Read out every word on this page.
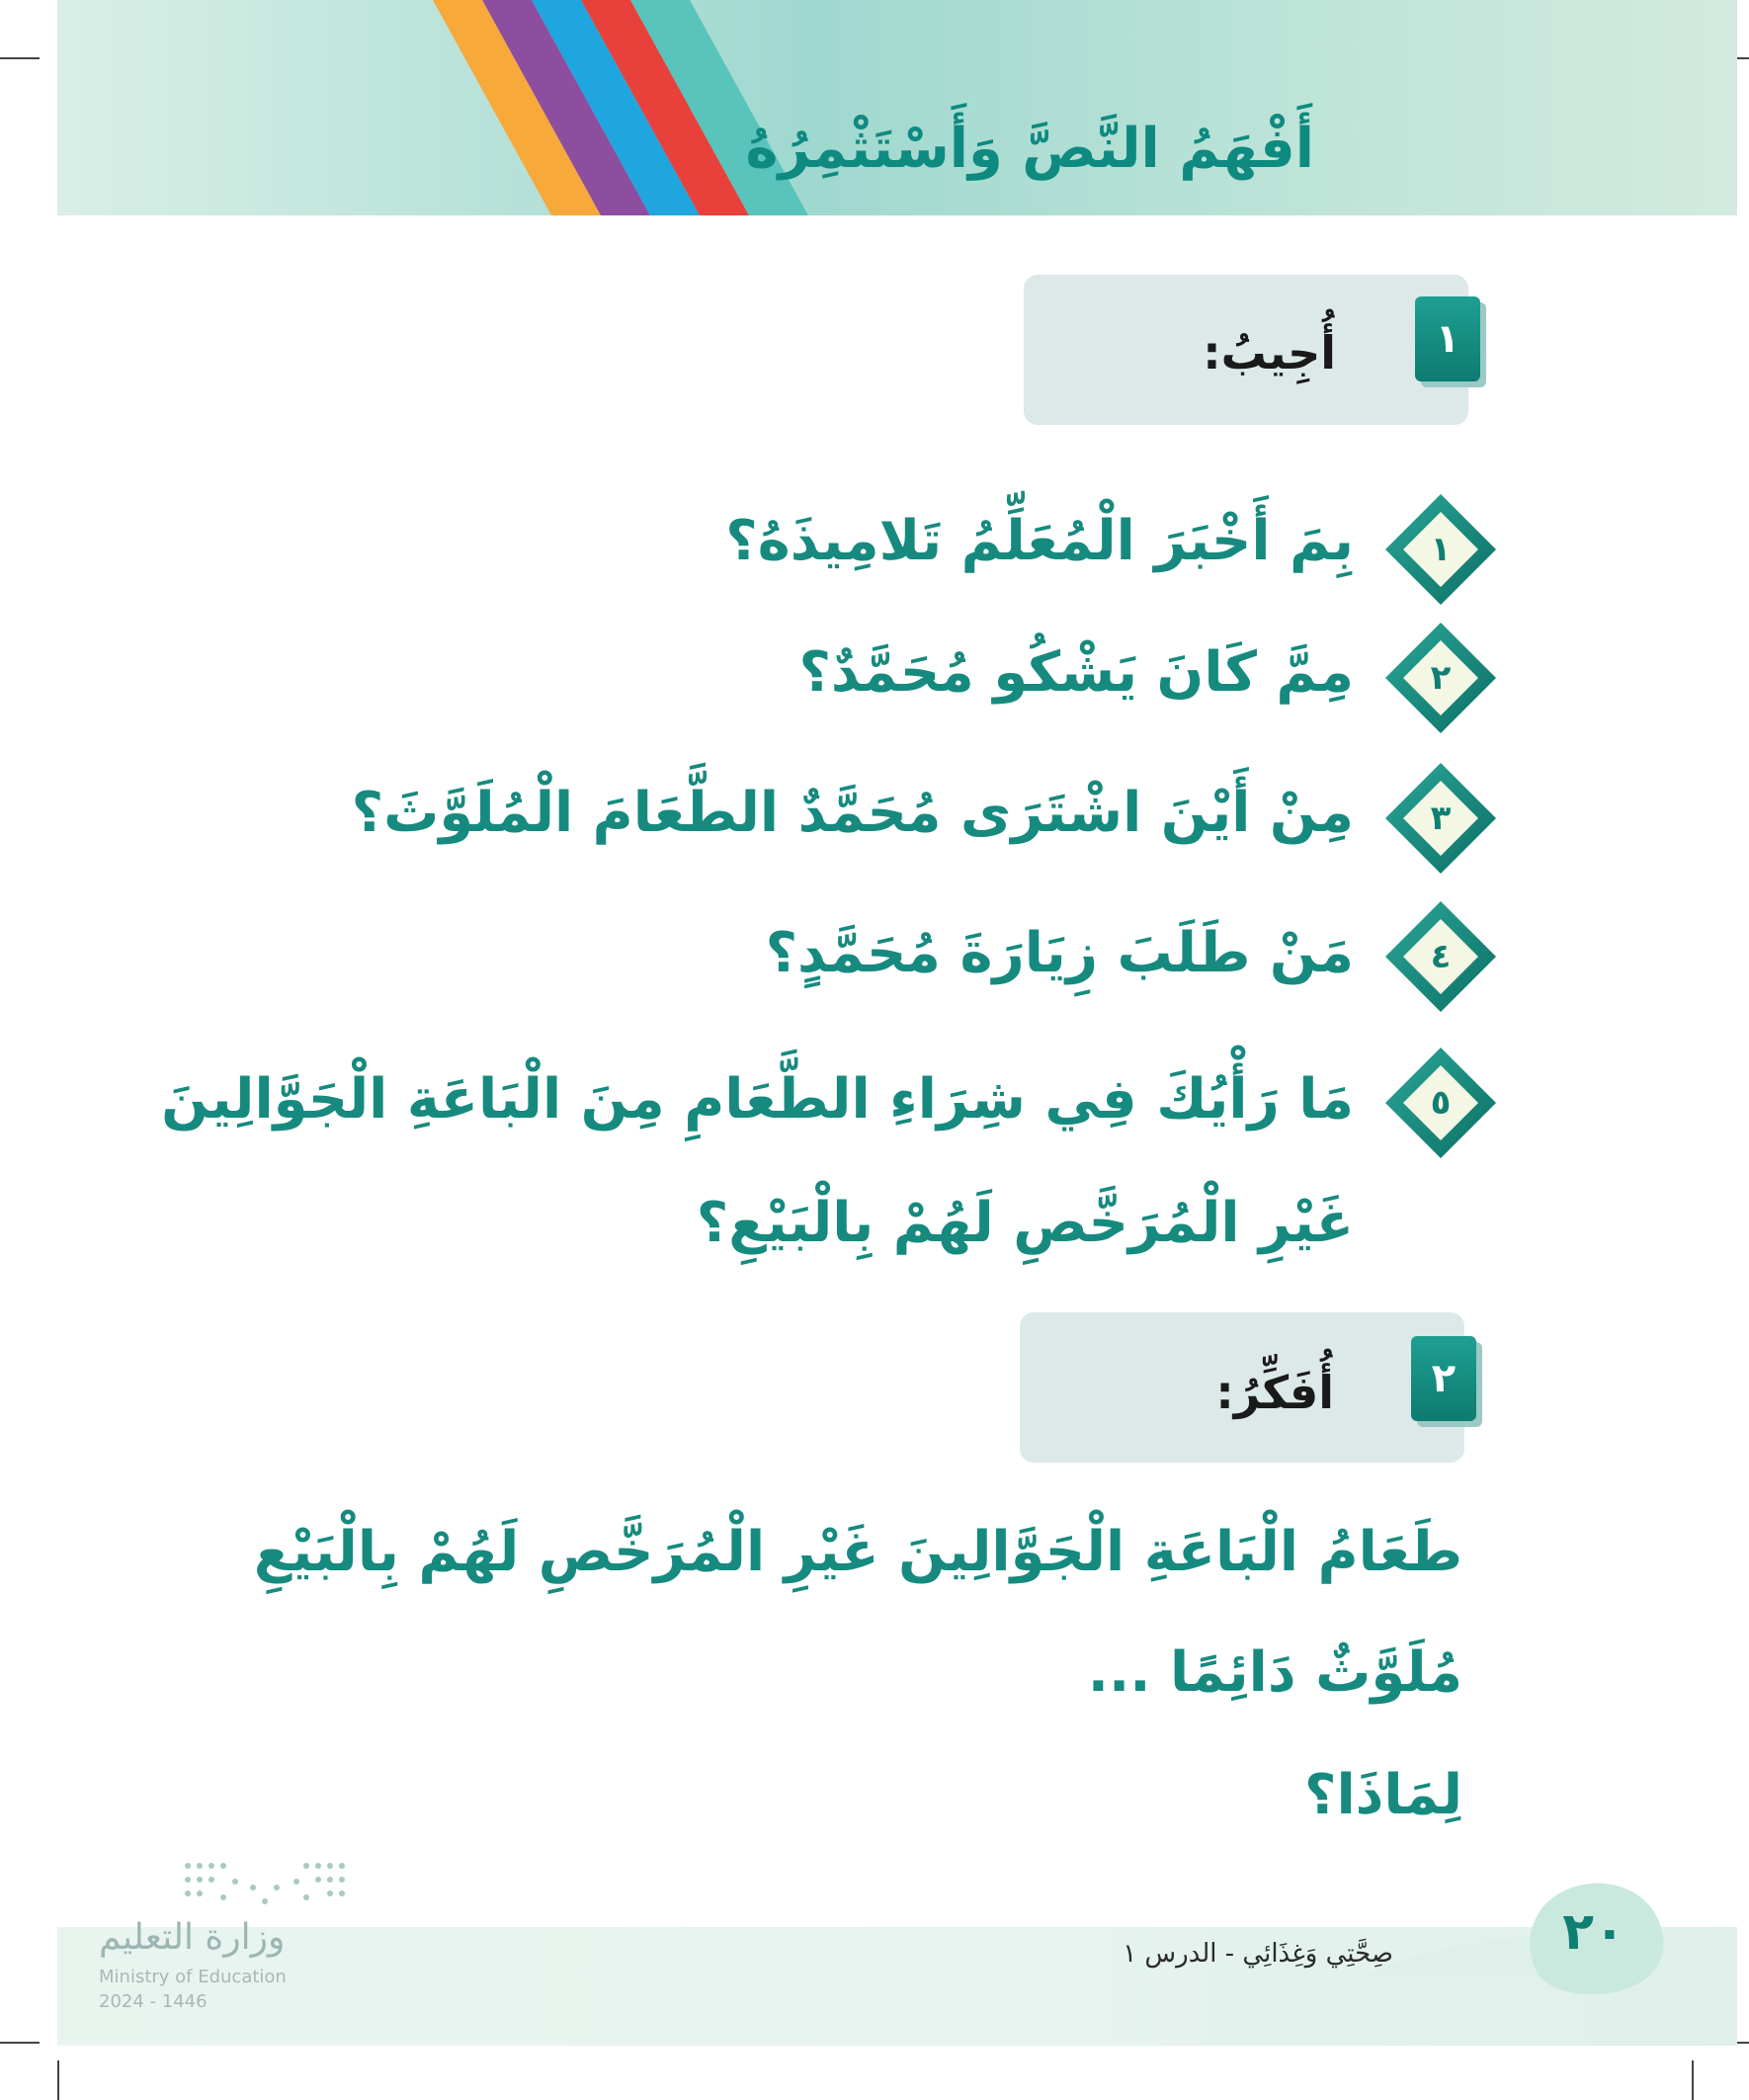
أَفْهَمُ النَّصَّ وَأَسْتَثْمِرُهُ
١
أُجِيبُ:
١
بِمَ أَخْبَرَ الْمُعَلِّمُ تَلامِيذَهُ؟
٢
مِمَّ كَانَ يَشْكُو مُحَمَّدٌ؟
٣
مِنْ أَيْنَ اشْتَرَى مُحَمَّدٌ الطَّعَامَ الْمُلَوَّثَ؟
٤
مَنْ طَلَبَ زِيَارَةَ مُحَمَّدٍ؟
٥
مَا رَأْيُكَ فِي شِرَاءِ الطَّعَامِ مِنَ الْبَاعَةِ الْجَوَّالِينَ
غَيْرِ الْمُرَخَّصِ لَهُمْ بِالْبَيْعِ؟
٢
أُفَكِّرُ:
طَعَامُ الْبَاعَةِ الْجَوَّالِينَ غَيْرِ الْمُرَخَّصِ لَهُمْ بِالْبَيْعِ
مُلَوَّثٌ دَائِمًا ...
لِمَاذَا؟
٢٠
صِحَّتِي وَغِذَائِي - الدرس ١
وزارة التعليم
Ministry of Education
2024 - 1446
